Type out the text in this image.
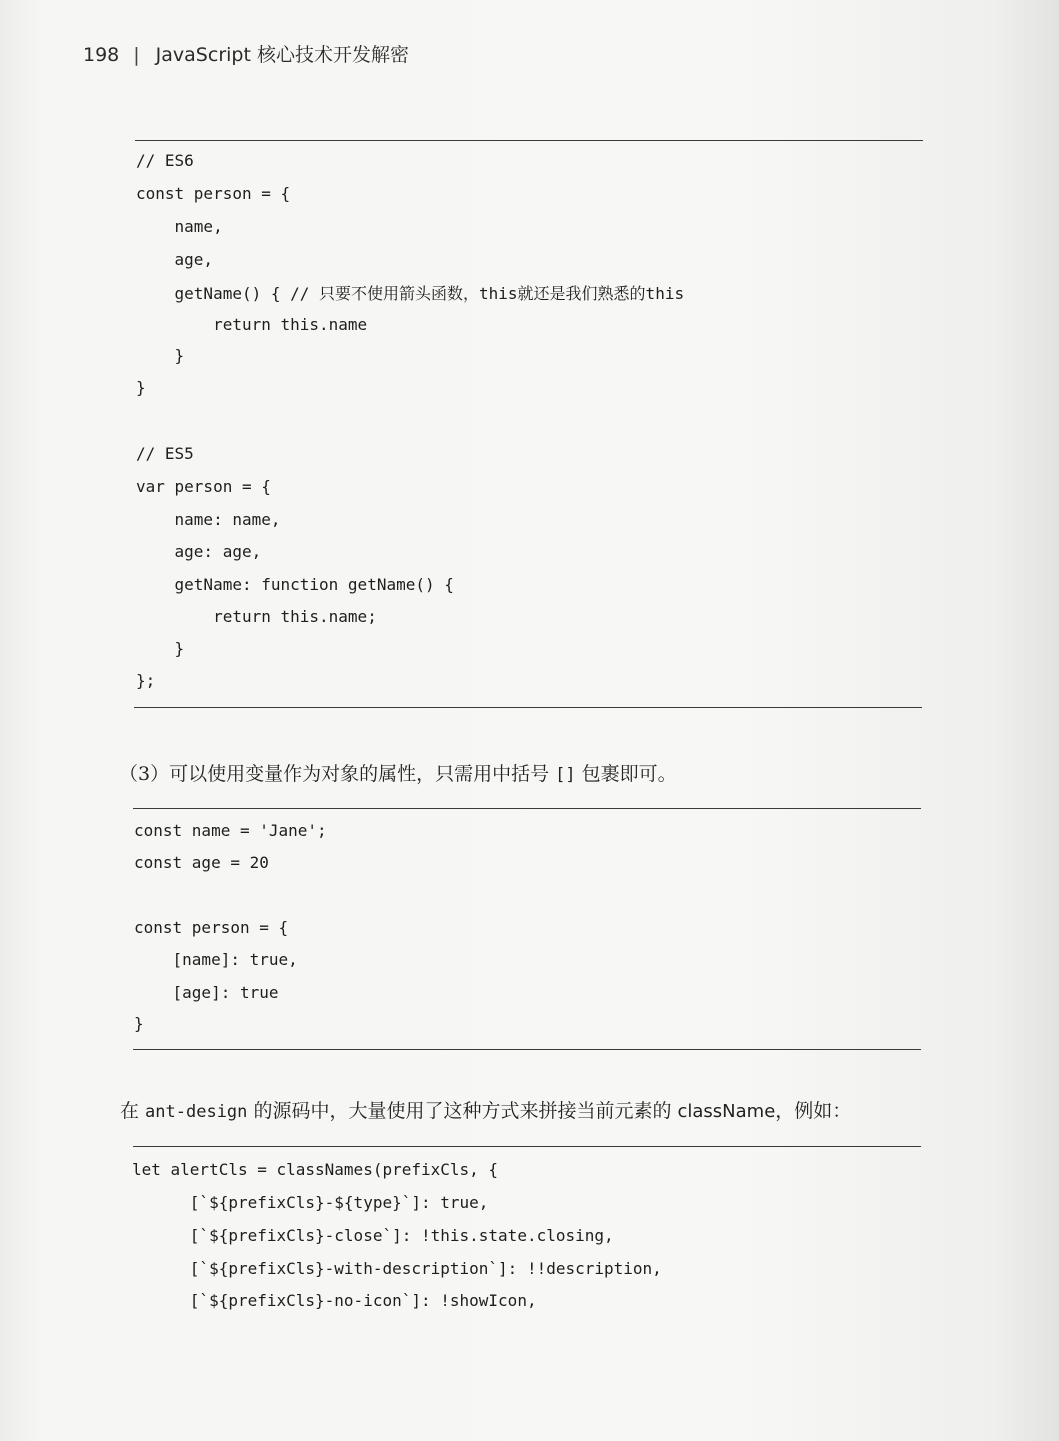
198 | JavaScript 核心技术开发解密

// ES6

const person = {

name,

age,

getName() { // 只要不使用箭头函数，this就还是我们熟悉的this

return this.name

}

}

// ES5

var person = {

name: name,

age: age,

getName: function getName() {

return this.name;

}

};

（3）可以使用变量作为对象的属性，只需用中括号 [] 包裹即可。

const name = 'Jane';

const age = 20

const person = {

[name]: true,

[age]: true

}

在 ant-design 的源码中，大量使用了这种方式来拼接当前元素的 className，例如：

let alertCls = classNames(prefixCls, {

[`${prefixCls}-${type}`]: true,

[`${prefixCls}-close`]: !this.state.closing,

[`${prefixCls}-with-description`]: !!description,

[`${prefixCls}-no-icon`]: !showIcon,
